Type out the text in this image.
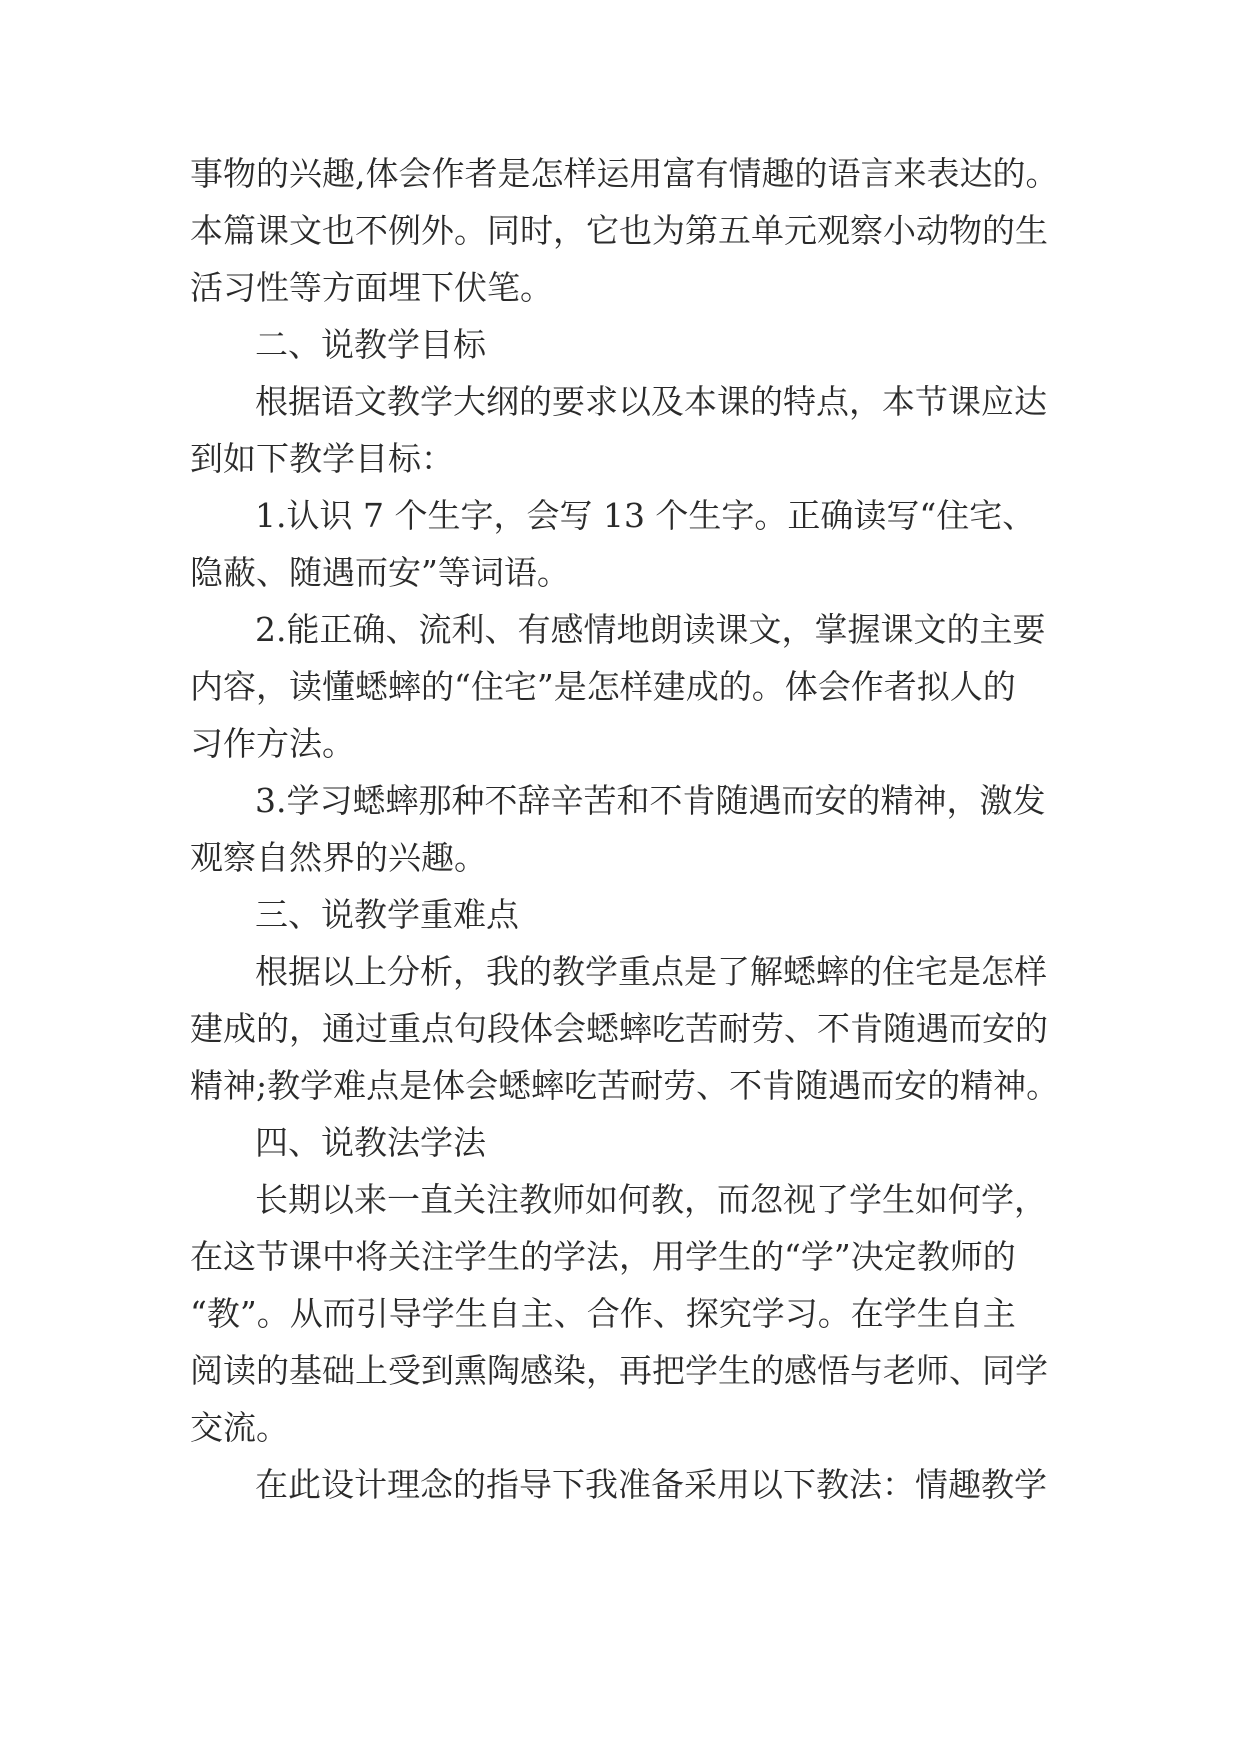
事物的兴趣,体会作者是怎样运用富有情趣的语言来表达的。
本篇课文也不例外。同时，它也为第五单元观察小动物的生
活习性等方面埋下伏笔。
二、说教学目标
根据语文教学大纲的要求以及本课的特点，本节课应达
到如下教学目标：
1.认识 7 个生字，会写 13 个生字。正确读写“住宅、
隐蔽、随遇而安”等词语。
2.能正确、流利、有感情地朗读课文，掌握课文的主要
内容，读懂蟋蟀的“住宅”是怎样建成的。体会作者拟人的
习作方法。
3.学习蟋蟀那种不辞辛苦和不肯随遇而安的精神，激发
观察自然界的兴趣。
三、说教学重难点
根据以上分析，我的教学重点是了解蟋蟀的住宅是怎样
建成的，通过重点句段体会蟋蟀吃苦耐劳、不肯随遇而安的
精神;教学难点是体会蟋蟀吃苦耐劳、不肯随遇而安的精神。
四、说教法学法
长期以来一直关注教师如何教，而忽视了学生如何学，
在这节课中将关注学生的学法，用学生的“学”决定教师的
“教”。从而引导学生自主、合作、探究学习。在学生自主
阅读的基础上受到熏陶感染，再把学生的感悟与老师、同学
交流。
在此设计理念的指导下我准备采用以下教法：情趣教学
